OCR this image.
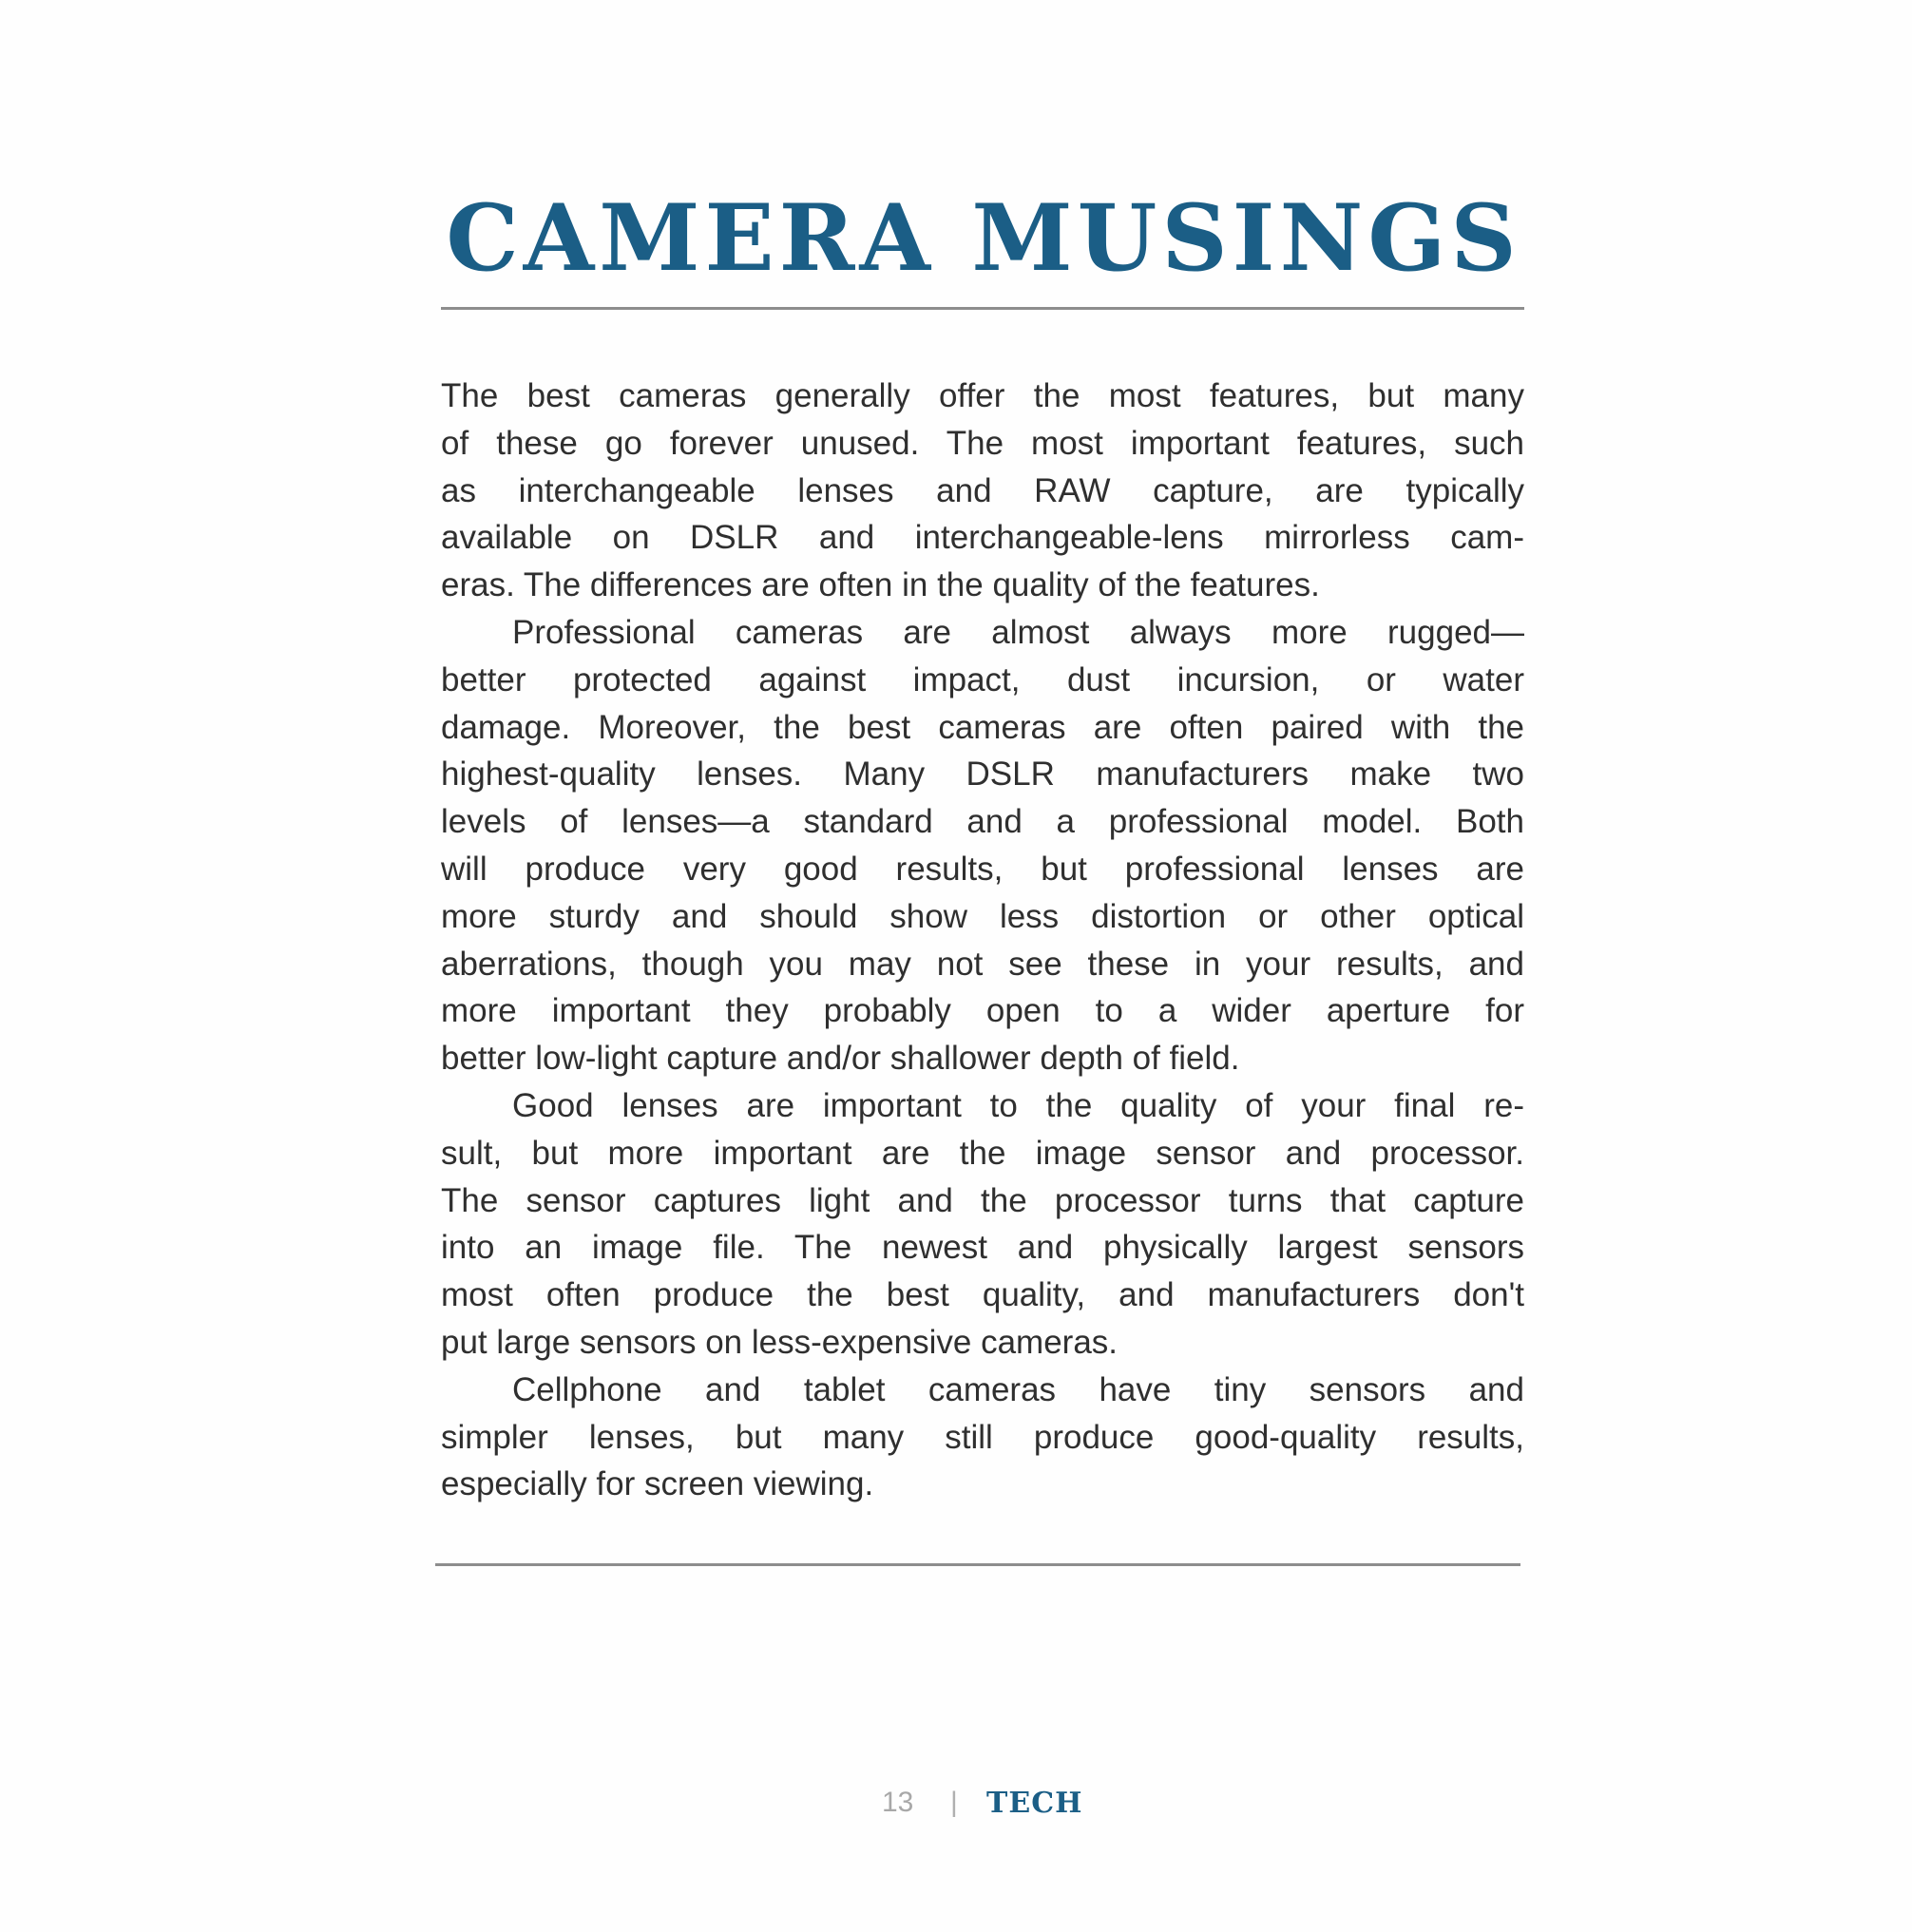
CAMERA MUSINGS
The best cameras generally offer the most features, but many
of these go forever unused. The most important features, such
as interchangeable lenses and RAW capture, are typically
available on DSLR and interchangeable-lens mirrorless cam-
eras. The differences are often in the quality of the features.
Professional cameras are almost always more rugged—
better protected against impact, dust incursion, or water
damage. Moreover, the best cameras are often paired with the
highest-quality lenses. Many DSLR manufacturers make two
levels of lenses—a standard and a professional model. Both
will produce very good results, but professional lenses are
more sturdy and should show less distortion or other optical
aberrations, though you may not see these in your results, and
more important they probably open to a wider aperture for
better low-light capture and/or shallower depth of field.
Good lenses are important to the quality of your final re-
sult, but more important are the image sensor and processor.
The sensor captures light and the processor turns that capture
into an image file. The newest and physically largest sensors
most often produce the best quality, and manufacturers don't
put large sensors on less-expensive cameras.
Cellphone and tablet cameras have tiny sensors and
simpler lenses, but many still produce good-quality results,
especially for screen viewing.
13 | TECH
